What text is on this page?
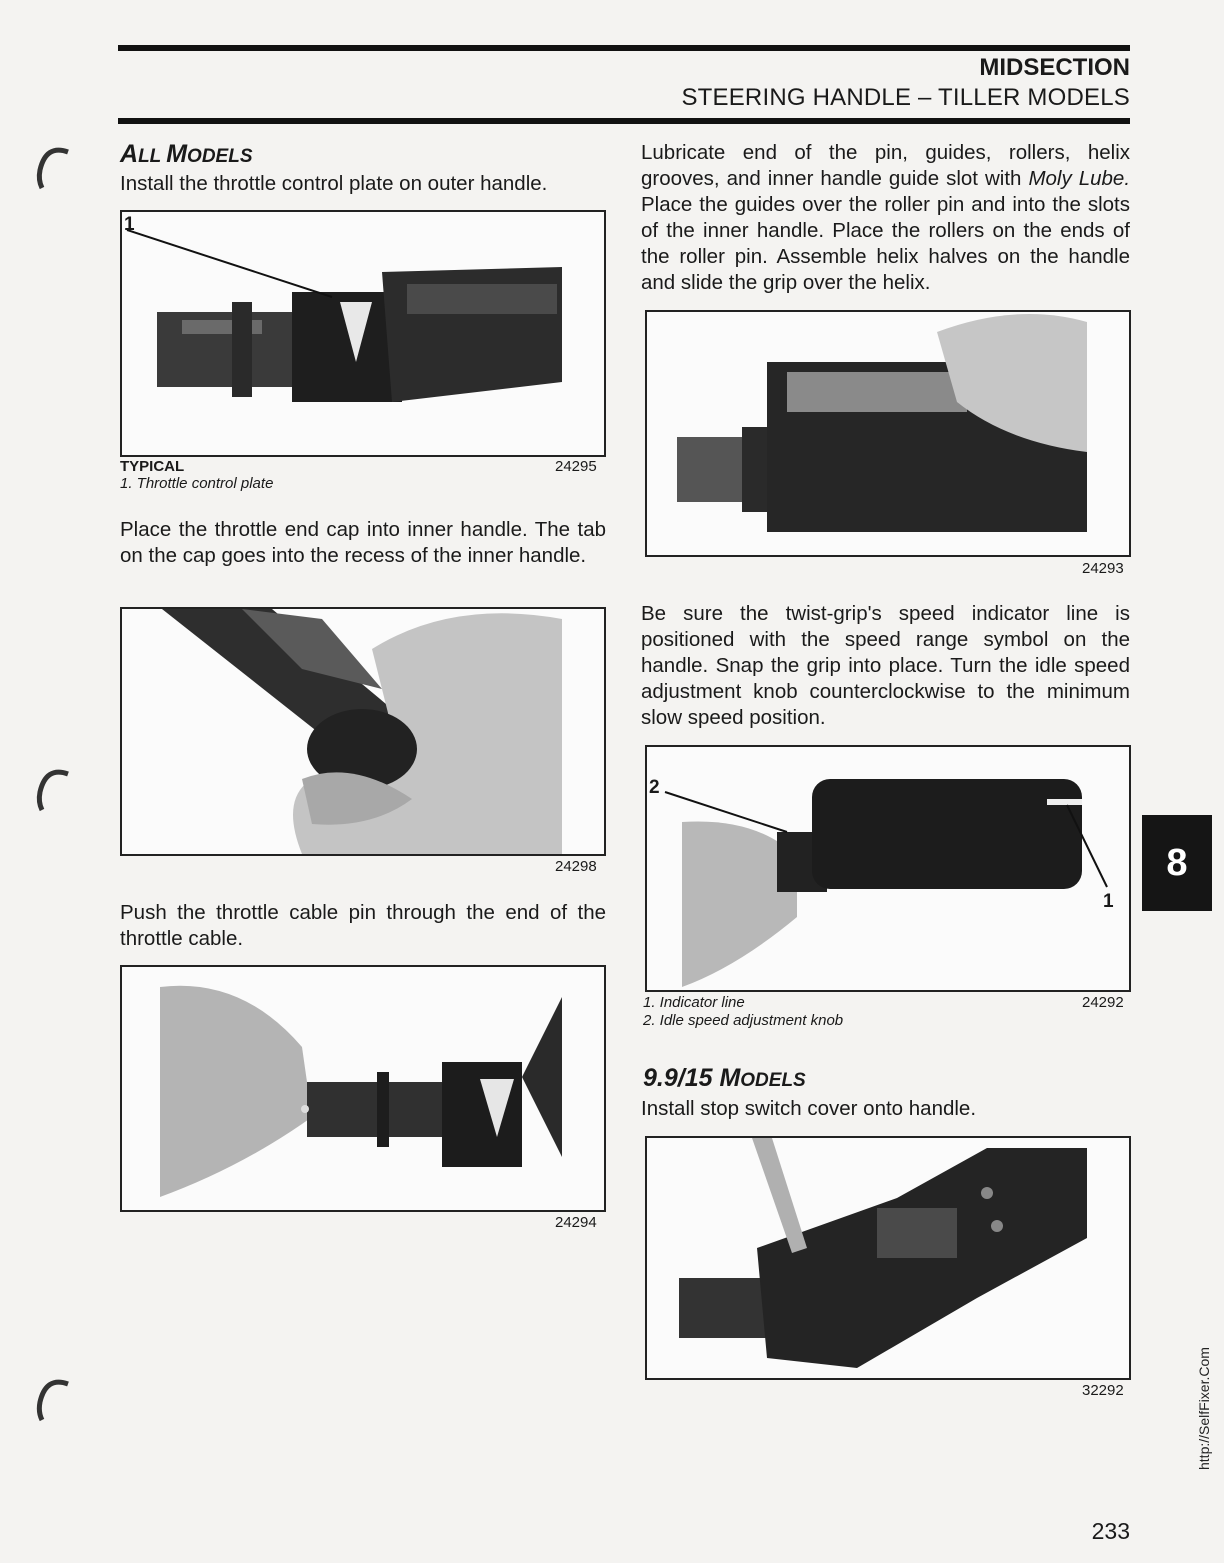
MIDSECTION
STEERING HANDLE – TILLER MODELS
ALL MODELS
Install the throttle control plate on outer handle.
1
TYPICAL	24295
1. Throttle control plate
Place the throttle end cap into inner handle. The tab on the cap goes into the recess of the inner handle.
24298
Push the throttle cable pin through the end of the throttle cable.
24294
Lubricate end of the pin, guides, rollers, helix grooves, and inner handle guide slot with Moly Lube. Place the guides over the roller pin and into the slots of the inner handle. Place the rollers on the ends of the roller pin. Assemble helix halves on the handle and slide the grip over the helix.
24293
Be sure the twist-grip's speed indicator line is positioned with the speed range symbol on the handle. Snap the grip into place. Turn the idle speed adjustment knob counterclockwise to the minimum slow speed position.
2
1
1. Indicator line	24292
2. Idle speed adjustment knob
9.9/15 MODELS
Install stop switch cover onto handle.
32292
8
233
http://SelfFixer.Com
